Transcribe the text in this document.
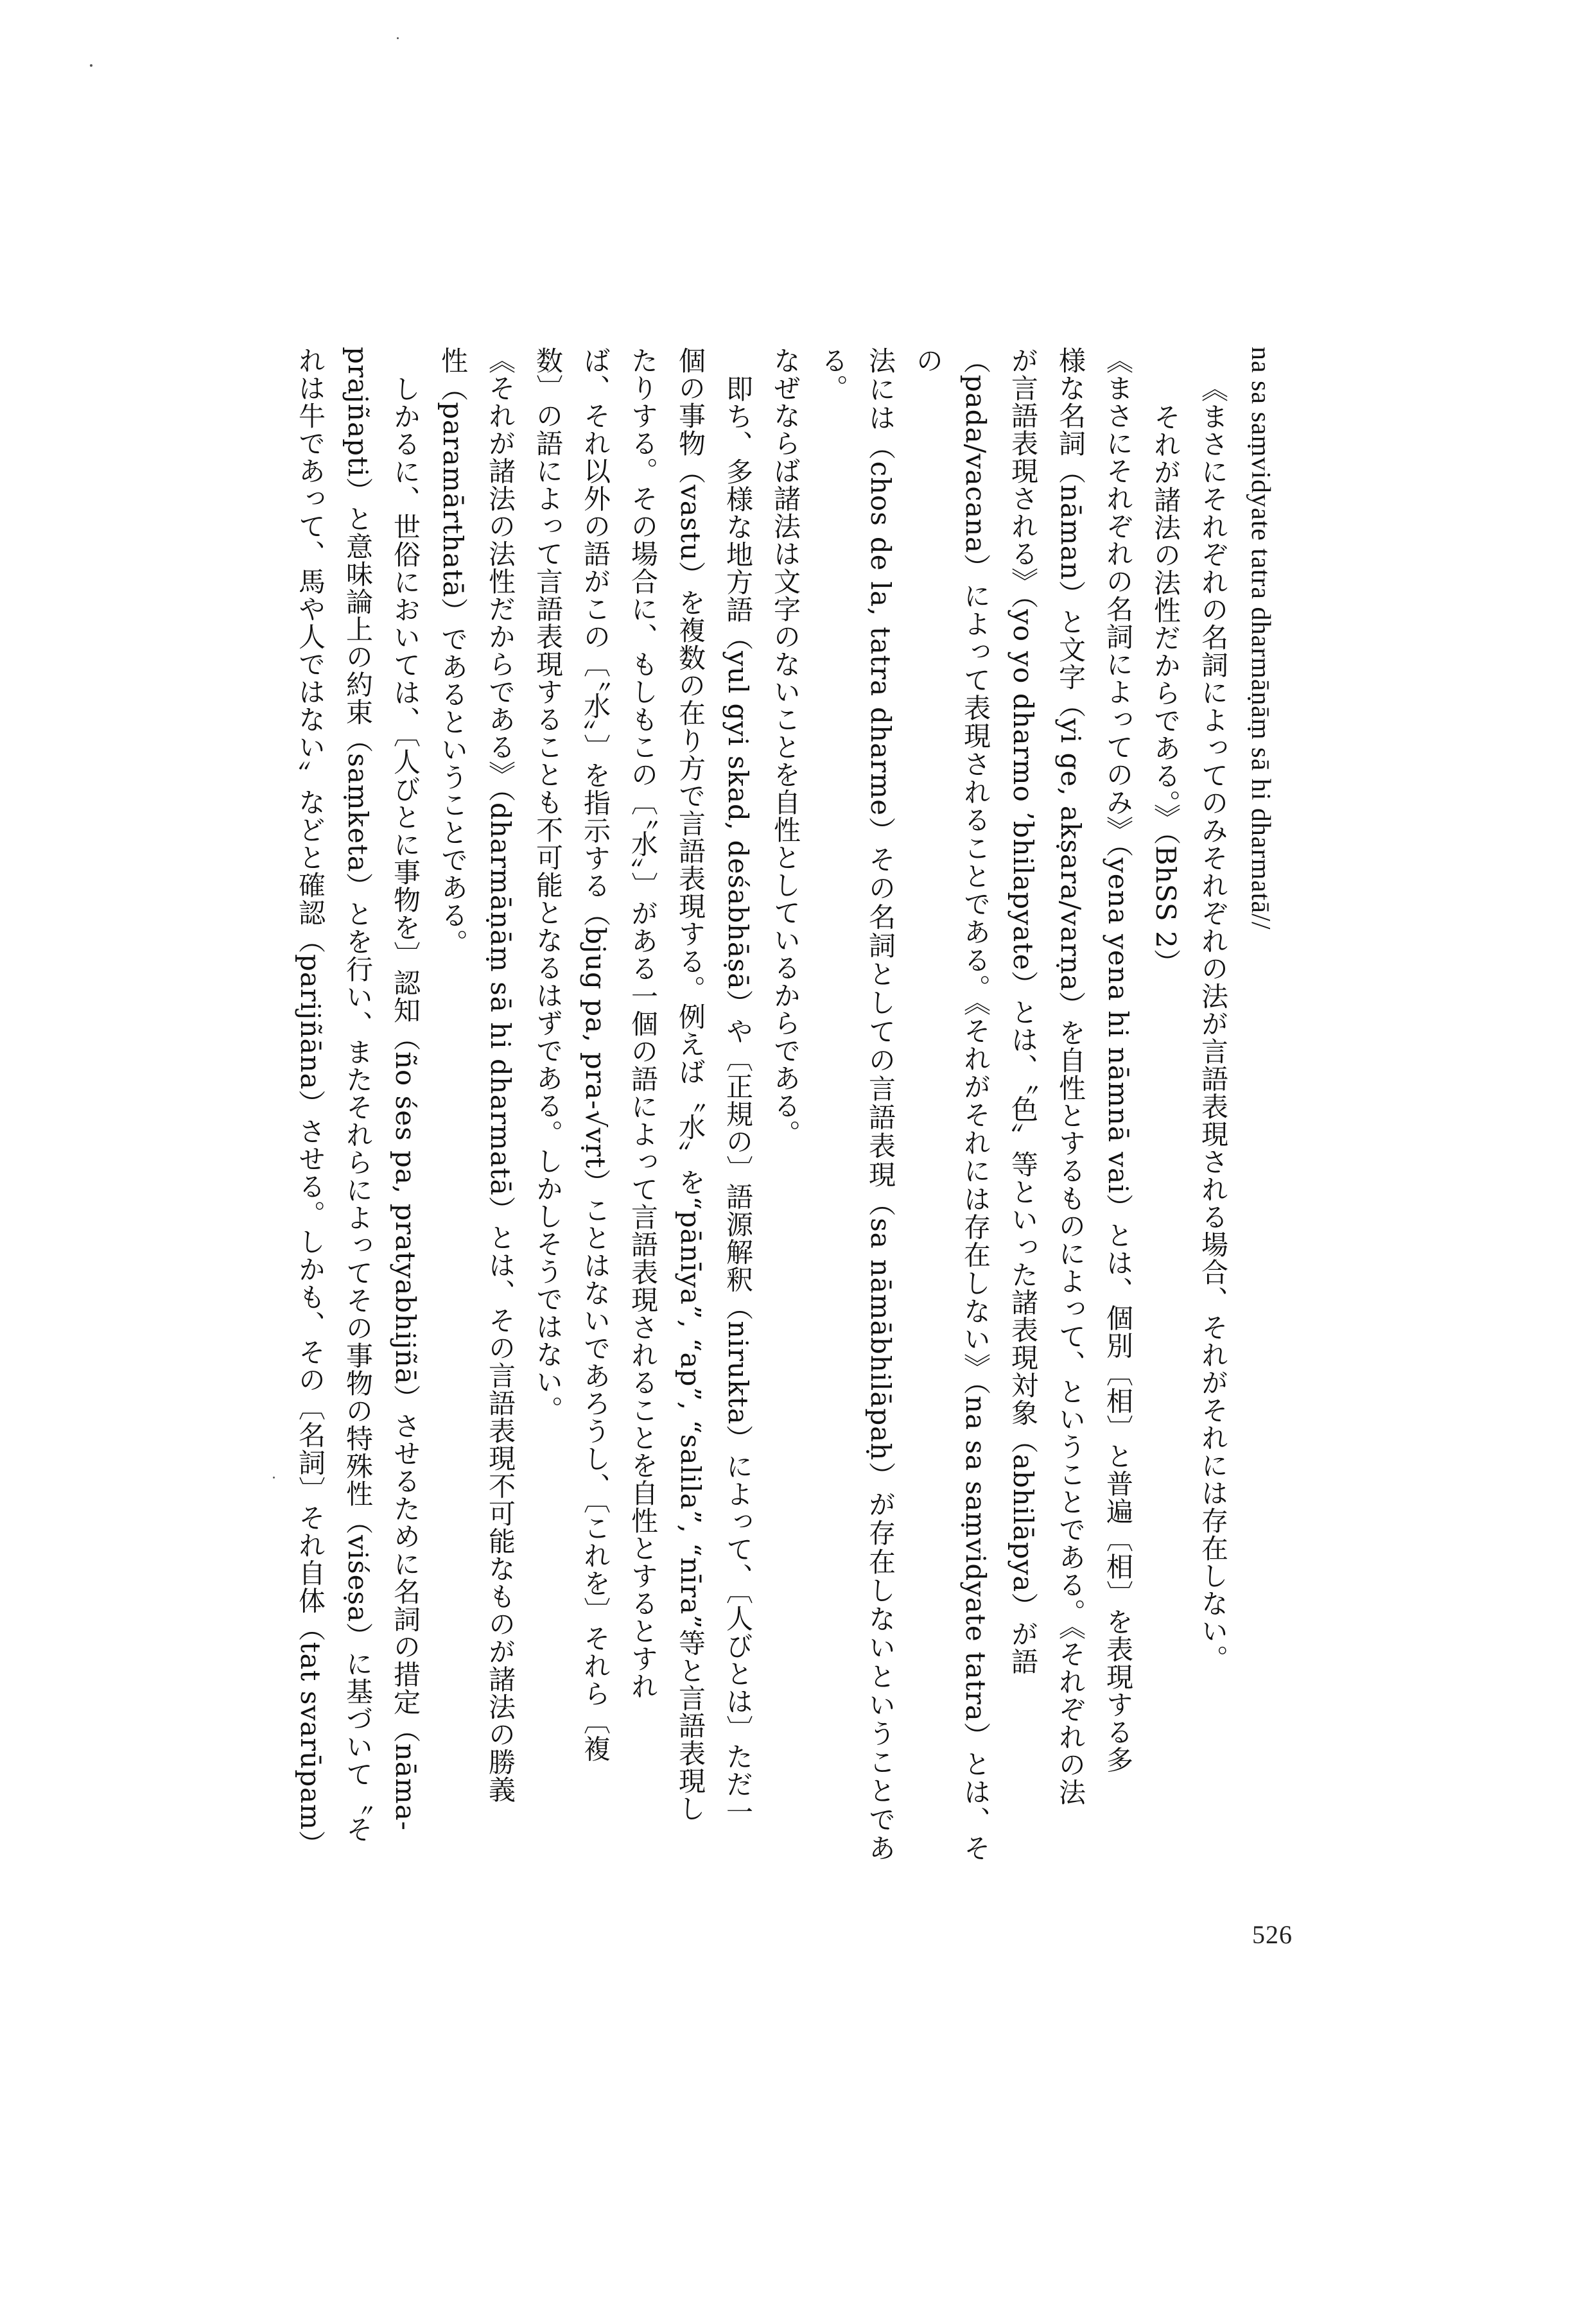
na sa saṃvidyate tatra dharmāṇāṃ sā hi dharmatā//
《まさにそれぞれの名詞によってのみそれぞれの法が言語表現される場合、それがそれには存在しない。
それが諸法の法性だからである。》（BhSS 2）
《まさにそれぞれの名詞によってのみ》（yena yena hi nāmnā vai）とは、個別〔相〕と普遍〔相〕を表現する多
様な名詞（nāman）と文字（yi ge, akṣara/varṇa）を自性とするものによって、ということである。《それぞれの法
が言語表現される》（yo yo dharmo ’bhilapyate）とは、〝色〟等といった諸表現対象（abhilāpya）が語
（pada/vacana）によって表現されることである。《それがそれには存在しない》（na sa saṃvidyate tatra）とは、その
法には（chos de la, tatra dharme）その名詞としての言語表現（sa nāmābhilāpaḥ）が存在しないということである。
なぜならば諸法は文字のないことを自性としているからである。
即ち、多様な地方語（yul gyi skad, deśabhāṣā）や〔正規の〕語源解釈（nirukta）によって、〔人びとは〕ただ一
個の事物（vastu）を複数の在り方で言語表現する。例えば〝水〟を“pānīya”, “ap”, “salila”, “nīra”等と言語表現し
たりする。その場合に、もしもこの〔〝水〟〕がある一個の語によって言語表現されることを自性とするとすれ
ば、それ以外の語がこの〔〝水〟〕を指示する（bjug pa, pra-√vṛt）ことはないであろうし、〔これを〕それら〔複
数〕の語によって言語表現することも不可能となるはずである。しかしそうではない。
《それが諸法の法性だからである》（dharmāṇāṃ sā hi dharmatā）とは、その言語表現不可能なものが諸法の勝義
性（paramārthatā）であるということである。
しかるに、世俗においては、〔人びとに事物を〕認知（ño śes pa, pratyabhijñā）させるために名詞の措定（nāma-
prajñapti）と意味論上の約束（saṃketa）とを行い、またそれらによってその事物の特殊性（viśeṣa）に基づいて〝そ
れは牛であって、馬や人ではない〟などと確認（parijñāna）させる。しかも、その〔名詞〕それ自体（tat svarūpam）
526
